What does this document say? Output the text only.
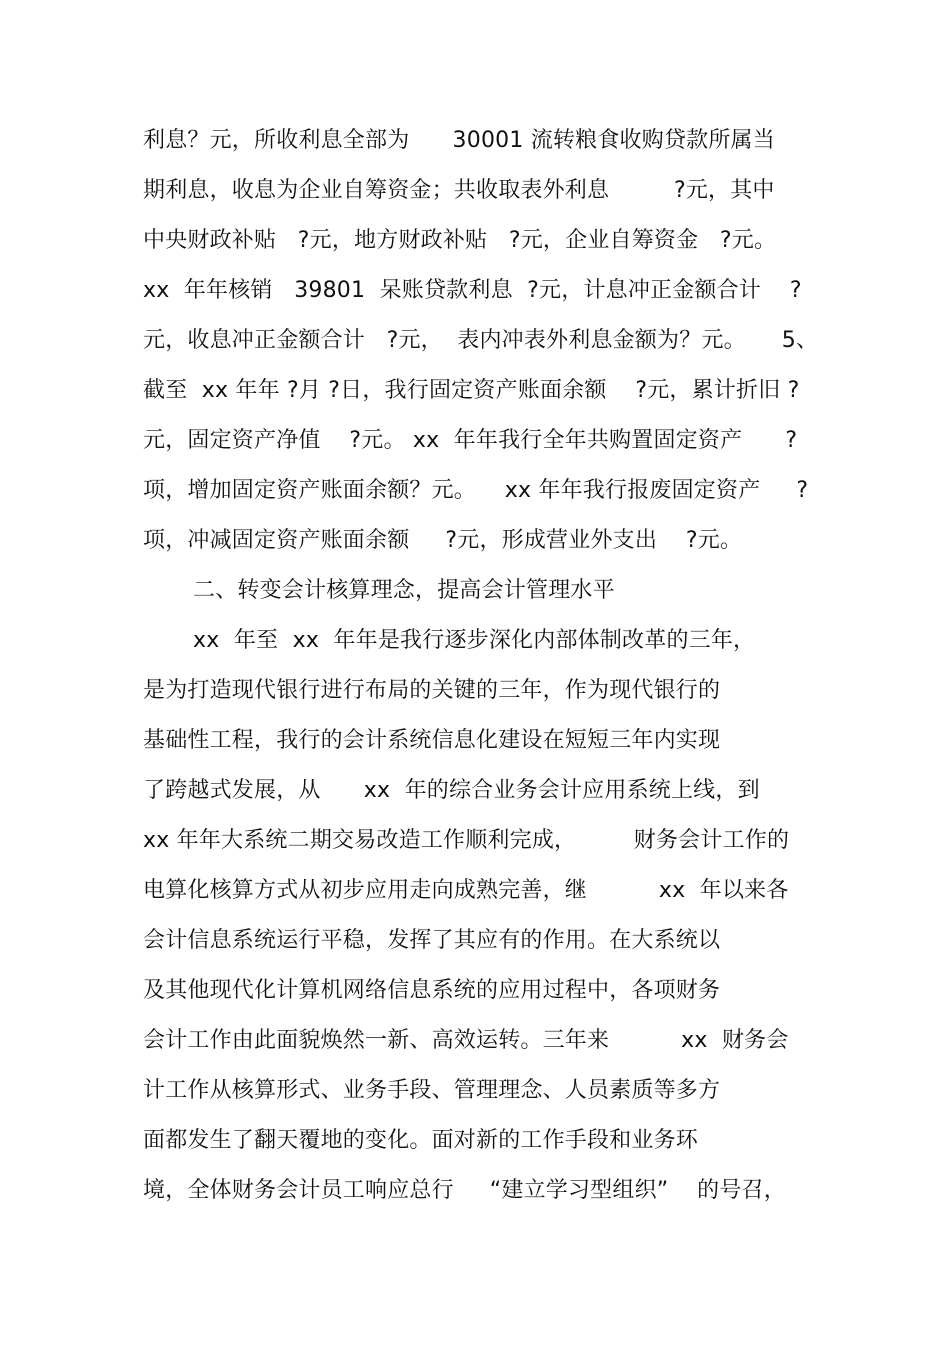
利息？元，所收利息全部为      30001 流转粮食收购贷款所属当

期利息，收息为企业自筹资金；共收取表外利息         ?元，其中

中央财政补贴   ?元，地方财政补贴   ?元，企业自筹资金   ?元。

xx  年年核销   39801  呆账贷款利息  ?元，计息冲正金额合计    ?

元，收息冲正金额合计   ?元，  表内冲表外利息金额为？元。     5、

截至  xx 年年 ?月 ?日，我行固定资产账面余额    ?元，累计折旧 ?

元，固定资产净值    ?元。 xx  年年我行全年共购置固定资产      ?

项，增加固定资产账面余额？元。    xx 年年我行报废固定资产     ?

项，冲减固定资产账面余额     ?元，形成营业外支出    ?元。

二、转变会计核算理念，提高会计管理水平

xx  年至  xx  年年是我行逐步深化内部体制改革的三年，

是为打造现代银行进行布局的关键的三年，作为现代银行的

基础性工程，我行的会计系统信息化建设在短短三年内实现

了跨越式发展，从      xx  年的综合业务会计应用系统上线，到

xx 年年大系统二期交易改造工作顺利完成，        财务会计工作的

电算化核算方式从初步应用走向成熟完善，继          xx  年以来各

会计信息系统运行平稳，发挥了其应有的作用。在大系统以

及其他现代化计算机网络信息系统的应用过程中，各项财务

会计工作由此面貌焕然一新、高效运转。三年来          xx  财务会

计工作从核算形式、业务手段、管理理念、人员素质等多方

面都发生了翻天覆地的变化。面对新的工作手段和业务环

境，全体财务会计员工响应总行     “建立学习型组织”    的号召，
